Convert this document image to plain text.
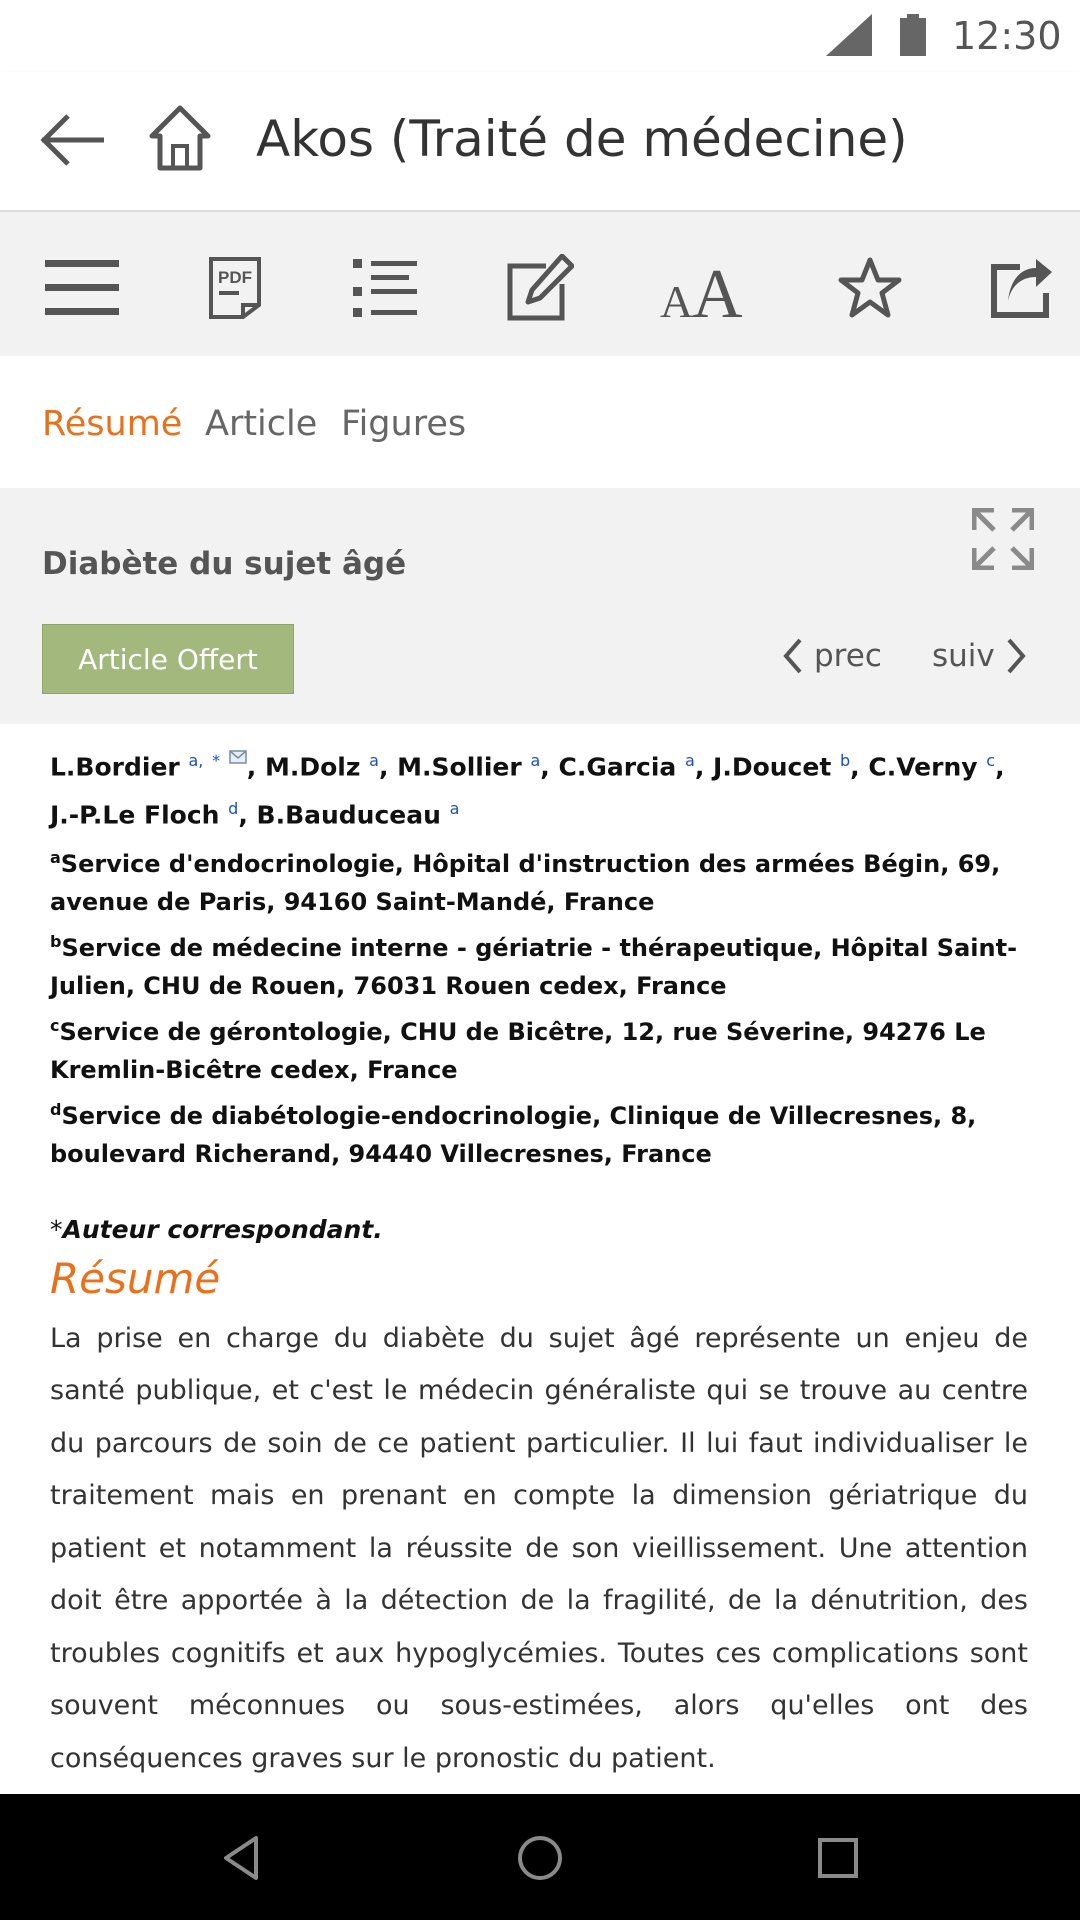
12:30
Akos (Traité de médecine)
PDF	A
A
Résumé Article Figures
Diabète du sujet âgé
Article Offert	prec suiv
L.Bordier $^{a,}$ * , M.Dolz $^a$, M.Sollier $^a$, C.Garcia $^a$, J.Doucet $^b$, C.Verny $^c$, J.-P.Le Floch $^d$, B.Bauduceau $^a$
$^a$Service d'endocrinologie, Hôpital d'instruction des armées Bégin, 69, avenue de Paris, 94160 Saint-Mandé, France
$^b$Service de médecine interne - gériatrie - thérapeutique, Hôpital Saint-Julien, CHU de Rouen, 76031 Rouen cedex, France
$^c$Service de gérontologie, CHU de Bicêtre, 12, rue Séverine, 94276 Le Kremlin-Bicêtre cedex, France
$^d$Service de diabétologie-endocrinologie, Clinique de Villecresnes, 8, boulevard Richerand, 94440 Villecresnes, France
*Auteur correspondant.
Résumé
La prise en charge du diabète du sujet âgé représente un enjeu de santé publique, et c'est le médecin généraliste qui se trouve au centre du parcours de soin de ce patient particulier. Il lui faut individualiser le traitement mais en prenant en compte la dimension gériatrique du patient et notamment la réussite de son vieillissement. Une attention doit être apportée à la détection de la fragilité, de la dénutrition, des troubles cognitifs et aux hypoglycémies. Toutes ces complications sont souvent méconnues ou sous-estimées, alors qu'elles ont des conséquences graves sur le pronostic du patient.
